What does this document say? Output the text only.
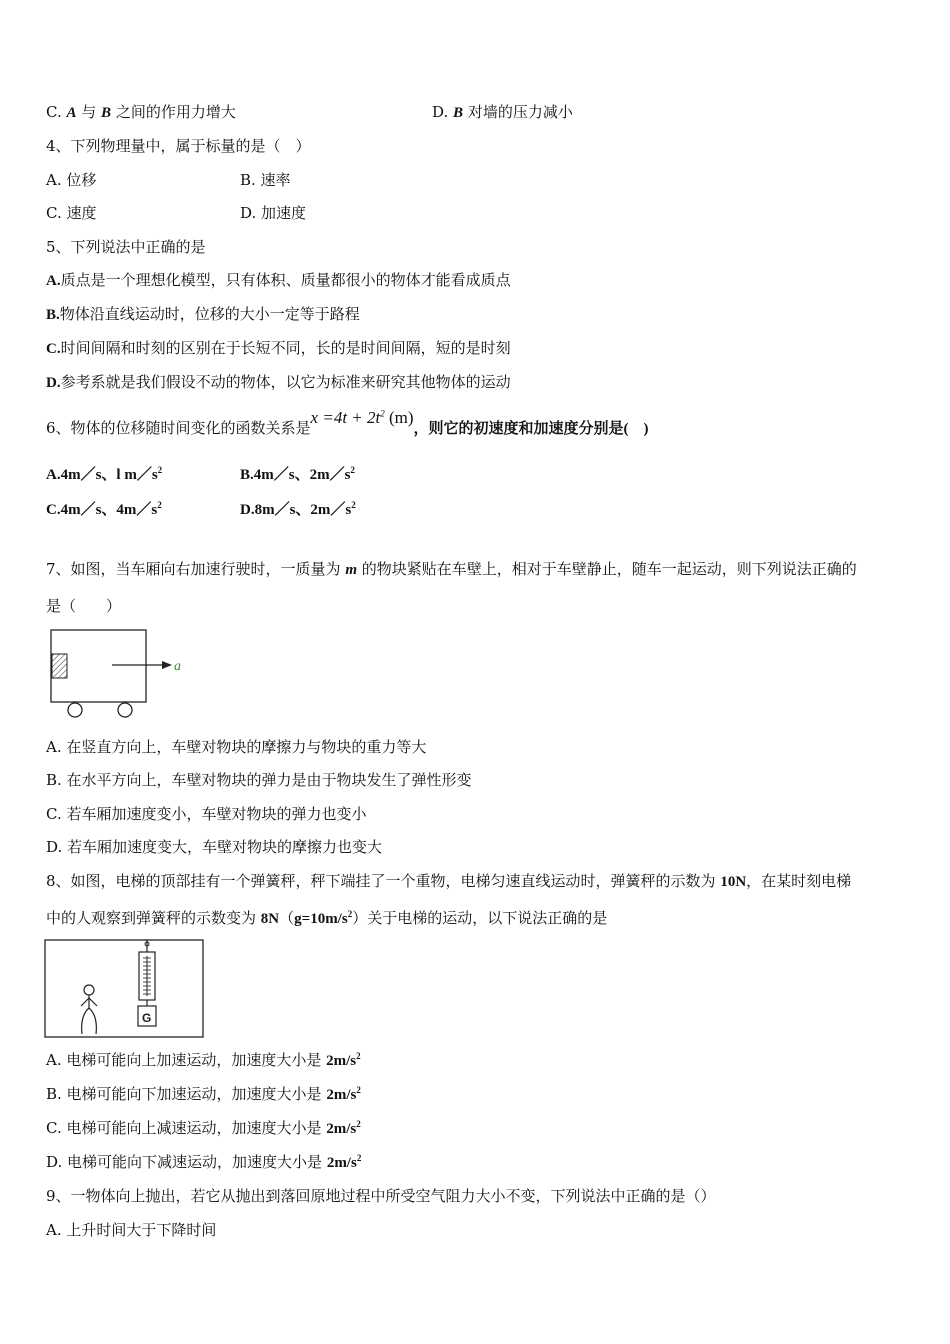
C. A 与 B 之间的作用力增大	D. B 对墙的压力减小
4、下列物理量中，属于标量的是（　）
A. 位移	B. 速率
C. 速度	D. 加速度
5、下列说法中正确的是
A.质点是一个理想化模型，只有体积、质量都很小的物体才能看成质点
B.物体沿直线运动时，位移的大小一定等于路程
C.时间间隔和时刻的区别在于长短不同，长的是时间间隔，短的是时刻
D.参考系就是我们假设不动的物体，以它为标准来研究其他物体的运动
6、物体的位移随时间变化的函数关系是$x =4t + 2t^2$ (m)，则它的初速度和加速度分别是(　)
A.4m／s、l $m/s^2$	B.4m／s、$2m/s^2$
C.4m／s、$4m/s^2$	D.8m／s、$2m/s^2$
7、如图，当车厢向右加速行驶时，一质量为 m 的物块紧贴在车壁上，相对于车壁静止，随车一起运动，则下列说法正确的
是（　　）
a
A. 在竖直方向上，车壁对物块的摩擦力与物块的重力等大
B. 在水平方向上，车壁对物块的弹力是由于物块发生了弹性形变
C. 若车厢加速度变小，车壁对物块的弹力也变小
D. 若车厢加速度变大，车壁对物块的摩擦力也变大
8、如图，电梯的顶部挂有一个弹簧秤，秤下端挂了一个重物，电梯匀速直线运动时，弹簧秤的示数为 10N，在某时刻电梯
中的人观察到弹簧秤的示数变为 $8N(g=10m/s^2)$关于电梯的运动，以下说法正确的是
G
A. 电梯可能向上加速运动，加速度大小是 $2m/s^2$
B. 电梯可能向下加速运动，加速度大小是 $2m/s^2$
C. 电梯可能向上减速运动，加速度大小是 $2m/s^2$
D. 电梯可能向下减速运动，加速度大小是 $2m/s^2$
9、一物体向上抛出，若它从抛出到落回原地过程中所受空气阻力大小不变，下列说法中正确的是（）
A. 上升时间大于下降时间
